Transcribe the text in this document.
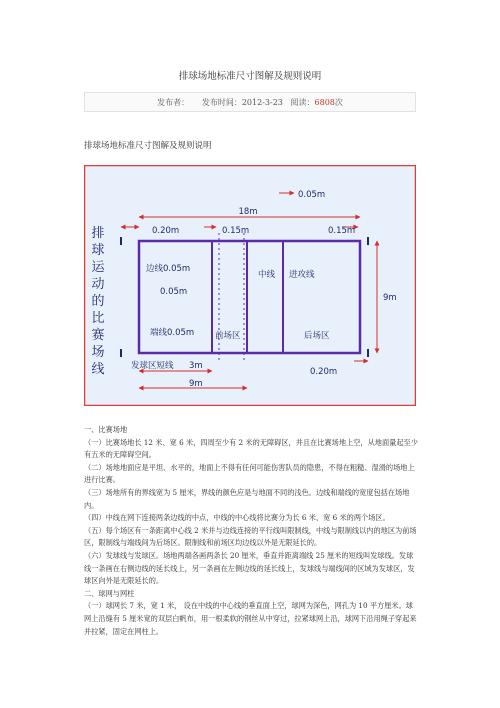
排球场地标准尺寸图解及规则说明
发布者： 发布时间：2012-3-23 阅读：6808次
排球场地标准尺寸图解及规则说明
排
球
运
动
的
比
赛
场
线
18m
9m
0.20m	0.15m
0.05m
0.15m
0.05m
0.20m
3m
9m
边线0.05m
端线0.05m
中线 进攻线
前场区	后场区
发球区短线

一、比赛场地

（一）比赛场地长 12 米、宽 6 米，四周至少有 2 米的无障碍区，并且在比赛场地上空，从地面量起至少有五米的无障碍空间。

（二）场地地面应是平坦、水平的，地面上不得有任何可能伤害队员的隐患，不得在粗糙、湿滑的场地上进行比赛。

（三）场地所有的界线宽为 5 厘米，界线的颜色应是与地面不同的浅色。边线和端线的宽度包括在场地内。

（四）中线在网下连接两条边线的中点，中线的中心线将比赛分为长 6 米，宽 6 米的两个场区。

（五）每个场区有一条距离中心线 2 米并与边线连接的平行线叫限制线，中线与限制线以内的地区为前场区，限制线与端线间为后场区。限制线和前场区均边线以外是无限延长的。

（六）发球线与发球区。场地两端各画两条长 20 厘米，垂直并距离端线 25 厘米的短线叫发球线。发球线一条画在右侧边线的延长线上，另一条画在左侧边线的延长线上，发球线与端线间的区域为发球区，发球区向外是无限延长的。

二、球网与网柱

（一）球网长 7 米，宽 1 米， 设在中线的中心线的垂直面上空，球网为深色，网孔为 10 平方厘米。球网上沿缝有 5 厘米宽的双层白帆布，用一根柔软的钢丝从中穿过，拉紧球网上沿，球网下沿用绳子穿起来并拉紧，固定在网柱上。
